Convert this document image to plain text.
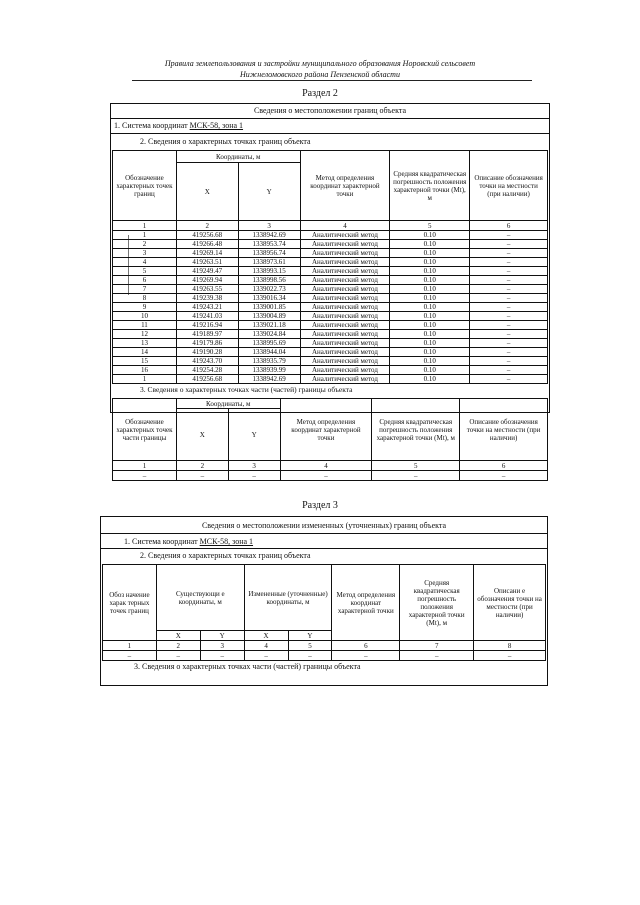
Правила землепользования и застройки муниципального образования Норовский сельсовет
Нижнеломовского района Пензенской области
Раздел 2
Сведения о местоположении границ объекта
1. Система координат МСК-58, зона 1
2. Сведения о характерных точках границ объекта
Обозначение характерных точек границ	Координаты, м		Метод определения координат характерной точки	Средняя квадратическая погрешность положения характерной точки (Mt), м	Описание обозначения точки на местности (при наличии)
	X	Y			
1	2	3	4	5	6
1	419256.68	1338942.69	Аналитический метод	0.10	–
2	419266.48	1338953.74	Аналитический метод	0.10	–
3	419269.14	1338956.74	Аналитический метод	0.10	–
4	419263.51	1338973.61	Аналитический метод	0.10	–
5	419249.47	1338993.15	Аналитический метод	0.10	–
6	419269.94	1338998.56	Аналитический метод	0.10	–
7	419263.55	1339022.73	Аналитический метод	0.10	–
8	419239.38	1339016.34	Аналитический метод	0.10	–
9	419243.21	1339001.85	Аналитический метод	0.10	–
10	419241.03	1339004.89	Аналитический метод	0.10	–
11	419216.94	1339021.18	Аналитический метод	0.10	–
12	419189.97	1339024.84	Аналитический метод	0.10	–
13	419179.86	1338995.69	Аналитический метод	0.10	–
14	419190.28	1338944.04	Аналитический метод	0.10	–
15	419243.70	1338935.79	Аналитический метод	0.10	–
16	419254.28	1338939.99	Аналитический метод	0.10	–
1	419256.68	1338942.69	Аналитический метод	0.10	–
3. Сведения о характерных точках части (частей) границы объекта
Обозначение характерных точек части границы	Координаты, м		Метод определения координат характерной точки	Средняя квадратическая погрешность положения характерной точки (Mt), м	Описание обозначения точки на местности (при наличии)
	X	Y			
1	2	3	4	5	6
–	–	–	–	–	–
Раздел 3
Сведения о местоположении измененных (уточненных) границ объекта
1. Система координат МСК-58, зона 1
2. Сведения о характерных точках границ объекта
Обоз начение харак терных точек границ	Существующи е координаты, м		Измененные (уточненные) координаты, м		Метод определения координат характерной точки	Средняя квадратическая погрешность положения характерной точки (Mt), м	Описани е обозначения точки на местности (при наличии)
	X	Y	X	Y			
1	2	3	4	5	6	7	8
–	–	–	–	–	–	–	–
3. Сведения о характерных точках части (частей) границы объекта
